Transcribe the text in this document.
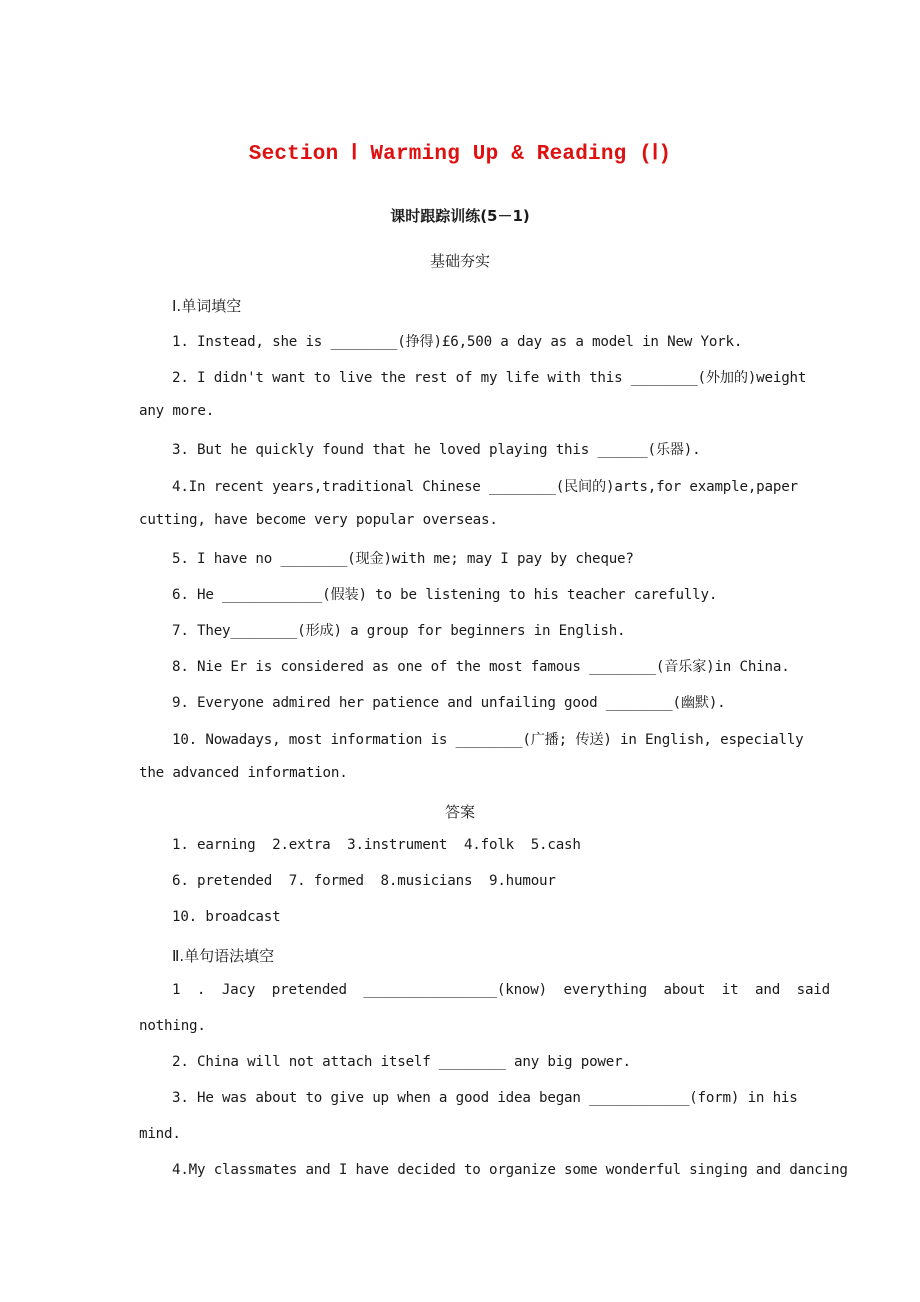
Section Ⅰ Warming Up & Reading (Ⅰ)
课时跟踪训练(5－1)
基础夯实
Ⅰ.单词填空
1. Instead, she is ________(挣得)£6,500 a day as a model in New York.
2. I didn't want to live the rest of my life with this ________(外加的)weight
any more.
3. But he quickly found that he loved playing this ______(乐器).
4.In recent years,traditional Chinese ________(民间的)arts,for example,paper
cutting, have become very popular overseas.
5. I have no ________(现金)with me; may I pay by cheque?
6. He ____________(假装) to be listening to his teacher carefully.
7. They________(形成) a group for beginners in English.
8. Nie Er is considered as one of the most famous ________(音乐家)in China.
9. Everyone admired her patience and unfailing good ________(幽默).
10. Nowadays, most information is ________(广播; 传送) in English, especially
the advanced information.
答案
1. earning  2.extra  3.instrument  4.folk  5.cash
6. pretended  7. formed  8.musicians  9.humour
10. broadcast
Ⅱ.单句语法填空
1 . Jacy pretended ________________(know) everything about it and said
nothing.
2. China will not attach itself ________ any big power.
3. He was about to give up when a good idea began ____________(form) in his
mind.
4.My classmates and I have decided to organize some wonderful singing and dancing
